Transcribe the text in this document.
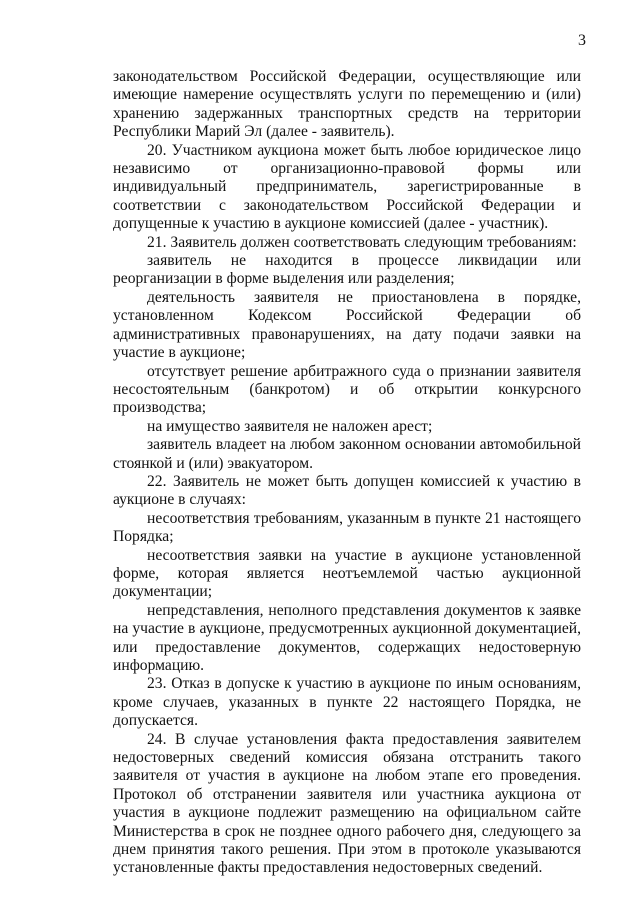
3

законодательством Российской Федерации, осуществляющие или имеющие намерение осуществлять услуги по перемещению и (или) хранению задержанных транспортных средств на территории Республики Марий Эл (далее - заявитель).

20. Участником аукциона может быть любое юридическое лицо независимо от организационно-правовой формы или индивидуальный предприниматель, зарегистрированные в соответствии с законодательством Российской Федерации и допущенные к участию в аукционе комиссией (далее - участник).

21. Заявитель должен соответствовать следующим требованиям:

заявитель не находится в процессе ликвидации или реорганизации в форме выделения или разделения;

деятельность заявителя не приостановлена в порядке, установленном Кодексом Российской Федерации об административных правонарушениях, на дату подачи заявки на участие в аукционе;

отсутствует решение арбитражного суда о признании заявителя несостоятельным (банкротом) и об открытии конкурсного производства;

на имущество заявителя не наложен арест;

заявитель владеет на любом законном основании автомобильной стоянкой и (или) эвакуатором.

22. Заявитель не может быть допущен комиссией к участию в аукционе в случаях:

несоответствия требованиям, указанным в пункте 21 настоящего Порядка;

несоответствия заявки на участие в аукционе установленной форме, которая является неотъемлемой частью аукционной документации;

непредставления, неполного представления документов к заявке на участие в аукционе, предусмотренных аукционной документацией, или предоставление документов, содержащих недостоверную информацию.

23. Отказ в допуске к участию в аукционе по иным основаниям, кроме случаев, указанных в пункте 22 настоящего Порядка, не допускается.

24. В случае установления факта предоставления заявителем недостоверных сведений комиссия обязана отстранить такого заявителя от участия в аукционе на любом этапе его проведения. Протокол об отстранении заявителя или участника аукциона от участия в аукционе подлежит размещению на официальном сайте Министерства в срок не позднее одного рабочего дня, следующего за днем принятия такого решения. При этом в протоколе указываются установленные факты предоставления недостоверных сведений.
